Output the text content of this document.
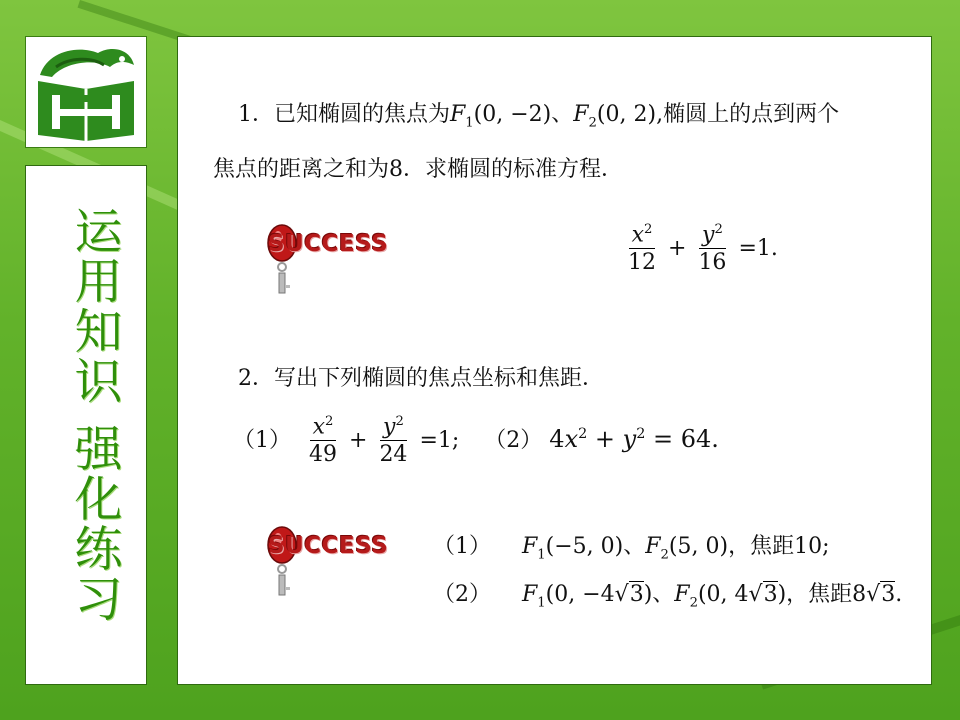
运用知识 强化练习
1．已知椭圆的焦点为$F_1(0$, −2)、$F_2(0$, 2),椭圆上的点到两个
焦点的距离之和为8．求椭圆的标准方程．
SUCCESS	$\frac{x^2}{12} + \frac{y^2}{16} =1$.
2．写出下列椭圆的焦点坐标和焦距．
$(1) \frac{x^2}{49} + \frac{y^2}{24} =1$; （2） $4x^2 + y^2 = 64$.
SUCCESS （1） $F_1(-5$, 0)、$F_2(5$, 0)，焦距10;
（2） $F_1(0$, −4√3)、$F_2(0$, 4√3)，焦距8√3.
